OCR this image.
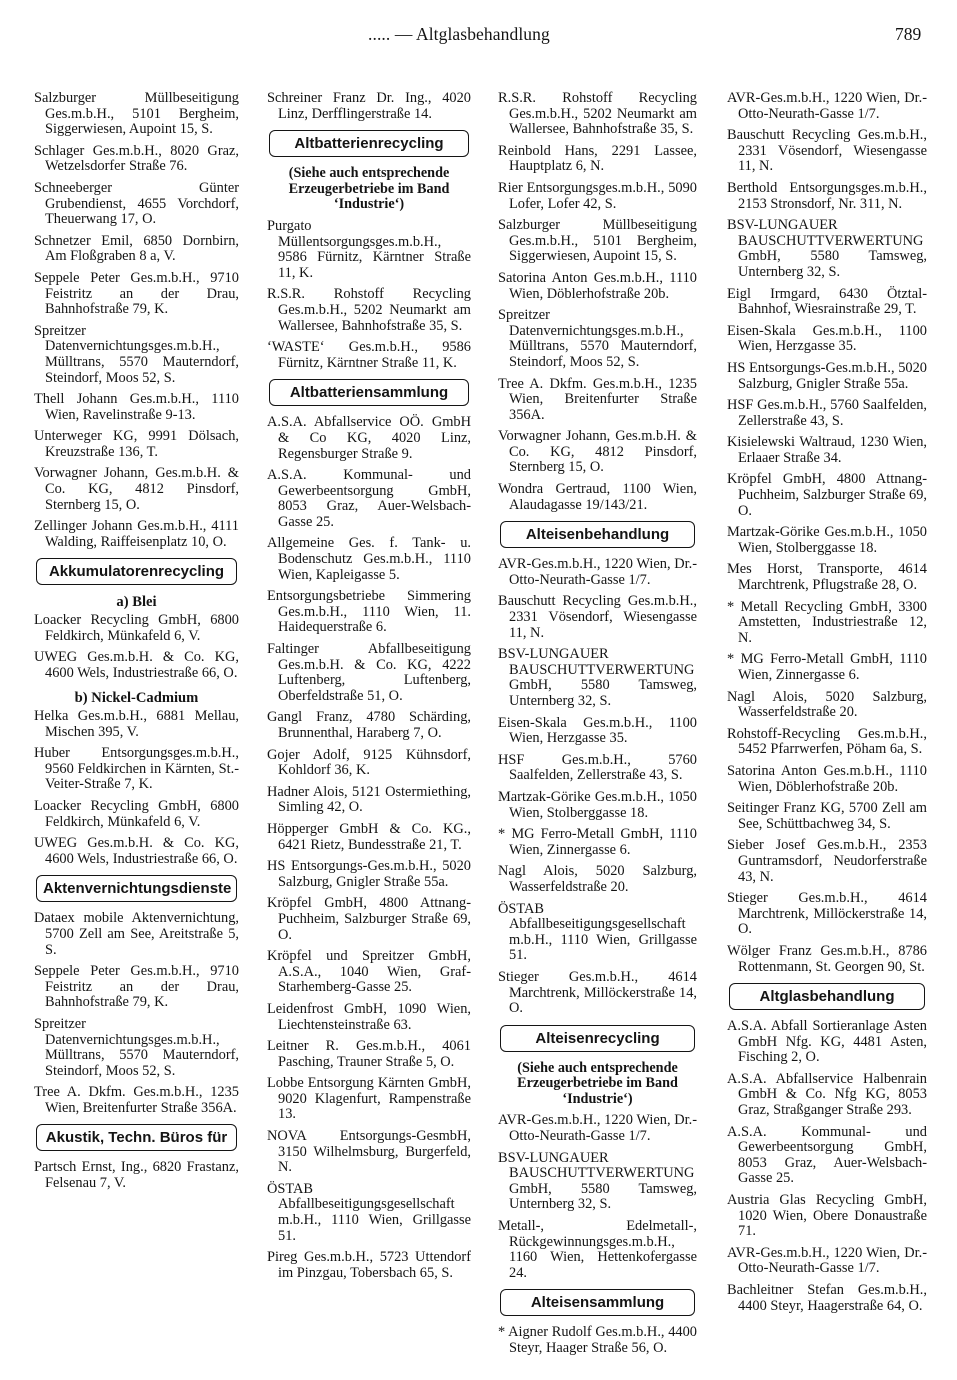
..... — Altglasbehandlung	789
Salzburger Müllbeseitigung Ges.m.b.H., 5101 Bergheim, Siggerwiesen, Aupoint 15, S.
Schlager Ges.m.b.H., 8020 Graz, Wetzelsdorfer Straße 76.
Schneeberger Günter Grubendienst, 4655 Vorchdorf, Theuerwang 17, O.
Schnetzer Emil, 6850 Dornbirn, Am Floßgraben 8 a, V.
Seppele Peter Ges.m.b.H., 9710 Feistritz an der Drau, Bahnhofstraße 79, K.
Spreitzer Datenvernichtungsges.m.b.H., Mülltrans, 5570 Mauterndorf, Steindorf, Moos 52, S.
Thell Johann Ges.m.b.H., 1110 Wien, Ravelinstraße 9-13.
Unterweger KG, 9991 Dölsach, Kreuzstraße 136, T.
Vorwagner Johann, Ges.m.b.H. & Co. KG, 4812 Pinsdorf, Sternberg 15, O.
Zellinger Johann Ges.m.b.H., 4111 Walding, Raiffeisenplatz 10, O.
Akkumulatorenrecycling
a) Blei
Loacker Recycling GmbH, 6800 Feldkirch, Münkafeld 6, V.
UWEG Ges.m.b.H. & Co. KG, 4600 Wels, Industriestraße 66, O.
b) Nickel-Cadmium
Helka Ges.m.b.H., 6881 Mellau, Mischen 395, V.
Huber Entsorgungsges.m.b.H., 9560 Feldkirchen in Kärnten, St.-Veiter-Straße 7, K.
Loacker Recycling GmbH, 6800 Feldkirch, Münkafeld 6, V.
UWEG Ges.m.b.H. & Co. KG, 4600 Wels, Industriestraße 66, O.
Aktenvernichtungsdienste
Dataex mobile Aktenvernichtung, 5700 Zell am See, Areitstraße 5, S.
Seppele Peter Ges.m.b.H., 9710 Feistritz an der Drau, Bahnhofstraße 79, K.
Spreitzer Datenvernichtungsges.m.b.H., Mülltrans, 5570 Mauterndorf, Steindorf, Moos 52, S.
Tree A. Dkfm. Ges.m.b.H., 1235 Wien, Breitenfurter Straße 356A.
Akustik, Techn. Büros für
Partsch Ernst, Ing., 6820 Frastanz, Felsenau 7, V.
Schreiner Franz Dr. Ing., 4020 Linz, Derfflingerstraße 14.
Altbatterienrecycling
(Siehe auch entsprechende Erzeugerbetriebe im Band ‘Industrie‘)
Purgato Müllentsorgungsges.m.b.H., 9586 Fürnitz, Kärntner Straße 11, K.
R.S.R. Rohstoff Recycling Ges.m.b.H., 5202 Neumarkt am Wallersee, Bahnhofstraße 35, S.
‘WASTE‘ Ges.m.b.H., 9586 Fürnitz, Kärntner Straße 11, K.
Altbatteriensammlung
A.S.A. Abfallservice OÖ. GmbH & Co KG, 4020 Linz, Regensburger Straße 9.
A.S.A. Kommunal- und Gewerbeentsorgung GmbH, 8053 Graz, Auer-Welsbach-Gasse 25.
Allgemeine Ges. f. Tank- u. Bodenschutz Ges.m.b.H., 1110 Wien, Kapleigasse 5.
Entsorgungsbetriebe Simmering Ges.m.b.H., 1110 Wien, 11. Haidequerstraße 6.
Faltinger Abfallbeseitigung Ges.m.b.H. & Co. KG, 4222 Luftenberg, Luftenberg, Oberfeldstraße 51, O.
Gangl Franz, 4780 Schärding, Brunnenthal, Haraberg 7, O.
Gojer Adolf, 9125 Kühnsdorf, Kohldorf 36, K.
Hadner Alois, 5121 Ostermiething, Simling 42, O.
Höpperger GmbH & Co. KG., 6421 Rietz, Bundesstraße 21, T.
HS Entsorgungs-Ges.m.b.H., 5020 Salzburg, Gnigler Straße 55a.
Kröpfel GmbH, 4800 Attnang-Puchheim, Salzburger Straße 69, O.
Kröpfel und Spreitzer GmbH, A.S.A., 1040 Wien, Graf-Starhemberg-Gasse 25.
Leidenfrost GmbH, 1090 Wien, Liechtensteinstraße 63.
Leitner R. Ges.m.b.H., 4061 Pasching, Trauner Straße 5, O.
Lobbe Entsorgung Kärnten GmbH, 9020 Klagenfurt, Rampenstraße 13.
NOVA Entsorgungs-GesmbH, 3150 Wilhelmsburg, Burgerfeld, N.
ÖSTAB Abfallbeseitigungsgesellschaft m.b.H., 1110 Wien, Grillgasse 51.
Pireg Ges.m.b.H., 5723 Uttendorf im Pinzgau, Tobersbach 65, S.
R.S.R. Rohstoff Recycling Ges.m.b.H., 5202 Neumarkt am Wallersee, Bahnhofstraße 35, S.
Reinbold Hans, 2291 Lassee, Hauptplatz 6, N.
Rier Entsorgungsges.m.b.H., 5090 Lofer, Lofer 42, S.
Salzburger Müllbeseitigung Ges.m.b.H., 5101 Bergheim, Siggerwiesen, Aupoint 15, S.
Satorina Anton Ges.m.b.H., 1110 Wien, Döblerhofstraße 20b.
Spreitzer Datenvernichtungsges.m.b.H., Mülltrans, 5570 Mauterndorf, Steindorf, Moos 52, S.
Tree A. Dkfm. Ges.m.b.H., 1235 Wien, Breitenfurter Straße 356A.
Vorwagner Johann, Ges.m.b.H. & Co. KG, 4812 Pinsdorf, Sternberg 15, O.
Wondra Gertraud, 1100 Wien, Alaudagasse 19/143/21.
Alteisenbehandlung
AVR-Ges.m.b.H., 1220 Wien, Dr.-Otto-Neurath-Gasse 1/7.
Bauschutt Recycling Ges.m.b.H., 2331 Vösendorf, Wiesengasse 11, N.
BSV-LUNGAUER BAUSCHUTTVERWERTUNG GmbH, 5580 Tamsweg, Unternberg 32, S.
Eisen-Skala Ges.m.b.H., 1100 Wien, Herzgasse 35.
HSF Ges.m.b.H., 5760 Saalfelden, Zellerstraße 43, S.
Martzak-Görike Ges.m.b.H., 1050 Wien, Stolberggasse 18.
* MG Ferro-Metall GmbH, 1110 Wien, Zinnergasse 6.
Nagl Alois, 5020 Salzburg, Wasserfeldstraße 20.
ÖSTAB Abfallbeseitigungsgesellschaft m.b.H., 1110 Wien, Grillgasse 51.
Stieger Ges.m.b.H., 4614 Marchtrenk, Millöckerstraße 14, O.
Alteisenrecycling
(Siehe auch entsprechende Erzeugerbetriebe im Band ‘Industrie‘)
AVR-Ges.m.b.H., 1220 Wien, Dr.-Otto-Neurath-Gasse 1/7.
BSV-LUNGAUER BAUSCHUTTVERWERTUNG GmbH, 5580 Tamsweg, Unternberg 32, S.
Metall-, Edelmetall-, Rückgewinnungsges.m.b.H., 1160 Wien, Hettenkofergasse 24.
Alteisensammlung
* Aigner Rudolf Ges.m.b.H., 4400 Steyr, Haager Straße 56, O.
AVR-Ges.m.b.H., 1220 Wien, Dr.-Otto-Neurath-Gasse 1/7.
Bauschutt Recycling Ges.m.b.H., 2331 Vösendorf, Wiesengasse 11, N.
Berthold Entsorgungsges.m.b.H., 2153 Stronsdorf, Nr. 311, N.
BSV-LUNGAUER BAUSCHUTTVERWERTUNG GmbH, 5580 Tamsweg, Unternberg 32, S.
Eigl Irmgard, 6430 Ötztal-Bahnhof, Wiesrainstraße 29, T.
Eisen-Skala Ges.m.b.H., 1100 Wien, Herzgasse 35.
HS Entsorgungs-Ges.m.b.H., 5020 Salzburg, Gnigler Straße 55a.
HSF Ges.m.b.H., 5760 Saalfelden, Zellerstraße 43, S.
Kisielewski Waltraud, 1230 Wien, Erlaaer Straße 34.
Kröpfel GmbH, 4800 Attnang-Puchheim, Salzburger Straße 69, O.
Martzak-Görike Ges.m.b.H., 1050 Wien, Stolberggasse 18.
Mes Horst, Transporte, 4614 Marchtrenk, Pflugstraße 28, O.
* Metall Recycling GmbH, 3300 Amstetten, Industriestraße 12, N.
* MG Ferro-Metall GmbH, 1110 Wien, Zinnergasse 6.
Nagl Alois, 5020 Salzburg, Wasserfeldstraße 20.
Rohstoff-Recycling Ges.m.b.H., 5452 Pfarrwerfen, Pöham 6a, S.
Satorina Anton Ges.m.b.H., 1110 Wien, Döblerhofstraße 20b.
Seitinger Franz KG, 5700 Zell am See, Schüttbachweg 34, S.
Sieber Josef Ges.m.b.H., 2353 Guntramsdorf, Neudorferstraße 43, N.
Stieger Ges.m.b.H., 4614 Marchtrenk, Millöckerstraße 14, O.
Wölger Franz Ges.m.b.H., 8786 Rottenmann, St. Georgen 90, St.
Altglasbehandlung
A.S.A. Abfall Sortieranlage Asten GmbH Nfg. KG, 4481 Asten, Fisching 2, O.
A.S.A. Abfallservice Halbenrain GmbH & Co. Nfg KG, 8053 Graz, Straßganger Straße 293.
A.S.A. Kommunal- und Gewerbeentsorgung GmbH, 8053 Graz, Auer-Welsbach-Gasse 25.
Austria Glas Recycling GmbH, 1020 Wien, Obere Donaustraße 71.
AVR-Ges.m.b.H., 1220 Wien, Dr.-Otto-Neurath-Gasse 1/7.
Bachleitner Stefan Ges.m.b.H., 4400 Steyr, Haagerstraße 64, O.
